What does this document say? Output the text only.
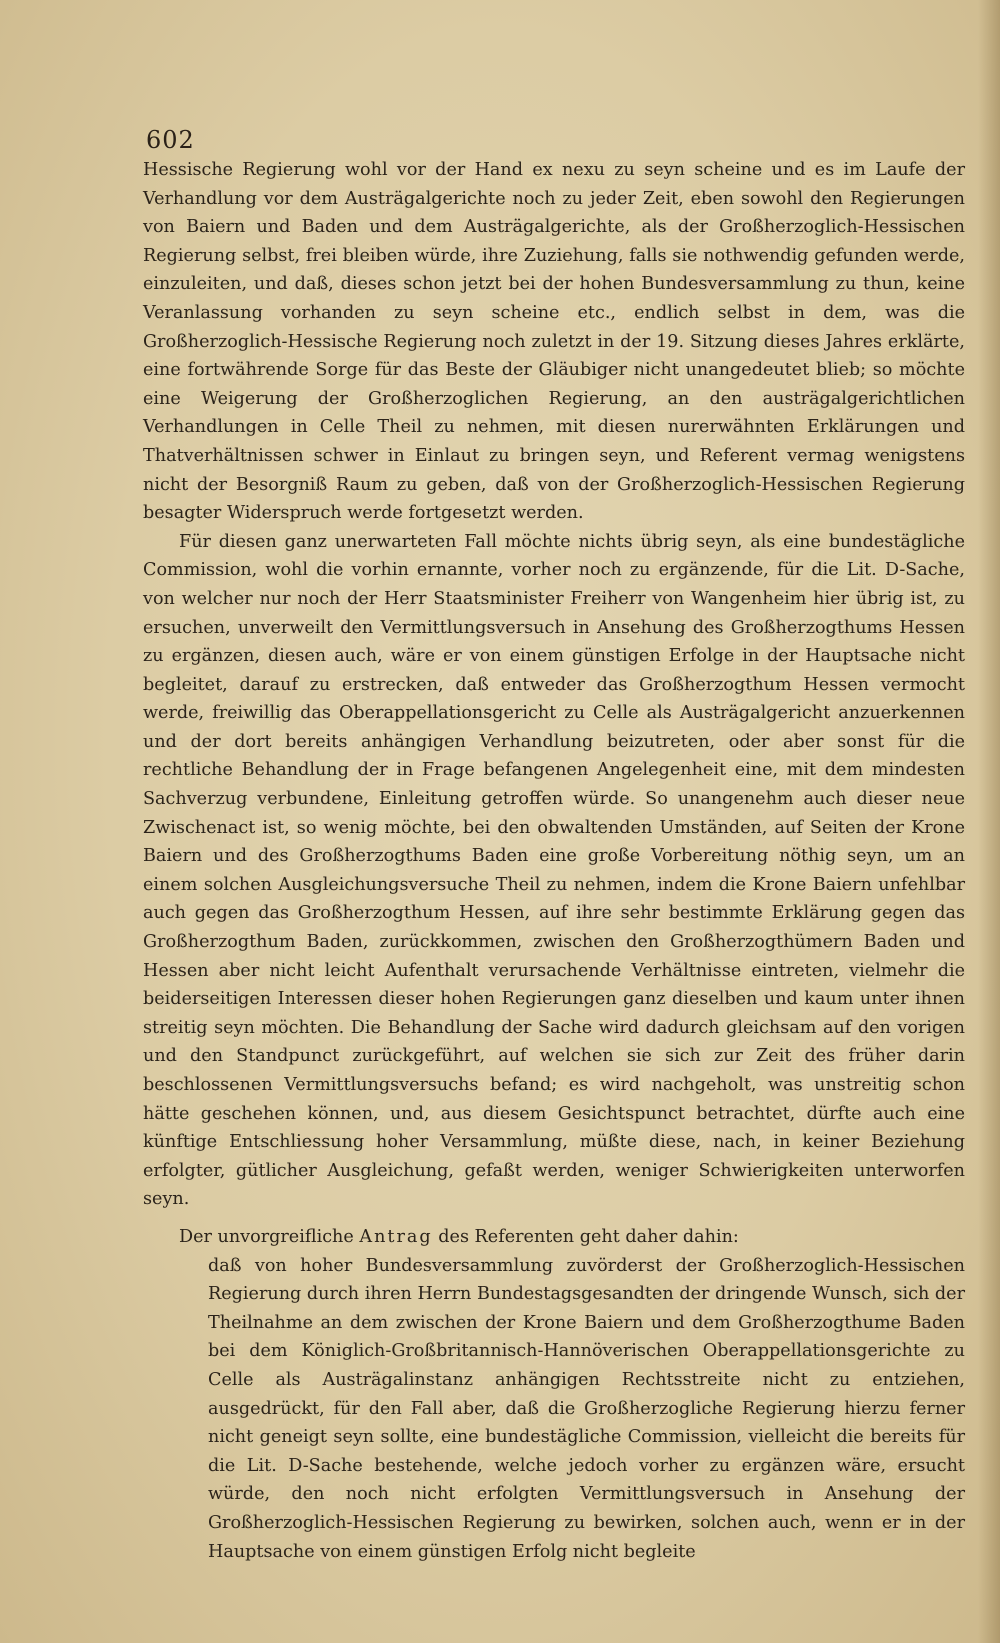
602

Hessische Regierung wohl vor der Hand ex nexu zu seyn scheine und es im Laufe der Verhandlung vor dem Austrägalgerichte noch zu jeder Zeit, eben sowohl den Regierungen von Baiern und Baden und dem Austrägalgerichte, als der Großherzoglich-Hessischen Regierung selbst, frei bleiben würde, ihre Zuziehung, falls sie nothwendig gefunden werde, einzuleiten, und daß, dieses schon jetzt bei der hohen Bundesversammlung zu thun, keine Veranlassung vorhanden zu seyn scheine etc., endlich selbst in dem, was die Großherzoglich-Hessische Regierung noch zuletzt in der 19. Sitzung dieses Jahres erklärte, eine fortwährende Sorge für das Beste der Gläubiger nicht unangedeutet blieb; so möchte eine Weigerung der Großherzoglichen Regierung, an den austrägalgerichtlichen Verhandlungen in Celle Theil zu nehmen, mit diesen nurerwähnten Erklärungen und Thatverhältnissen schwer in Einlaut zu bringen seyn, und Referent vermag wenigstens nicht der Besorgniß Raum zu geben, daß von der Großherzoglich-Hessischen Regierung besagter Widerspruch werde fortgesetzt werden.

Für diesen ganz unerwarteten Fall möchte nichts übrig seyn, als eine bundestägliche Commission, wohl die vorhin ernannte, vorher noch zu ergänzende, für die Lit. D-Sache, von welcher nur noch der Herr Staatsminister Freiherr von Wangenheim hier übrig ist, zu ersuchen, unverweilt den Vermittlungsversuch in Ansehung des Großherzogthums Hessen zu ergänzen, diesen auch, wäre er von einem günstigen Erfolge in der Hauptsache nicht begleitet, darauf zu erstrecken, daß entweder das Großherzogthum Hessen vermocht werde, freiwillig das Oberappellationsgericht zu Celle als Austrägalgericht anzuerkennen und der dort bereits anhängigen Verhandlung beizutreten, oder aber sonst für die rechtliche Behandlung der in Frage befangenen Angelegenheit eine, mit dem mindesten Sachverzug verbundene, Einleitung getroffen würde. So unangenehm auch dieser neue Zwischenact ist, so wenig möchte, bei den obwaltenden Umständen, auf Seiten der Krone Baiern und des Großherzogthums Baden eine große Vorbereitung nöthig seyn, um an einem solchen Ausgleichungsversuche Theil zu nehmen, indem die Krone Baiern unfehlbar auch gegen das Großherzogthum Hessen, auf ihre sehr bestimmte Erklärung gegen das Großherzogthum Baden, zurückkommen, zwischen den Großherzogthümern Baden und Hessen aber nicht leicht Aufenthalt verursachende Verhältnisse eintreten, vielmehr die beiderseitigen Interessen dieser hohen Regierungen ganz dieselben und kaum unter ihnen streitig seyn möchten. Die Behandlung der Sache wird dadurch gleichsam auf den vorigen und den Standpunct zurückgeführt, auf welchen sie sich zur Zeit des früher darin beschlossenen Vermittlungsversuchs befand; es wird nachgeholt, was unstreitig schon hätte geschehen können, und, aus diesem Gesichtspunct betrachtet, dürfte auch eine künftige Entschliessung hoher Versammlung, müßte diese, nach, in keiner Beziehung erfolgter, gütlicher Ausgleichung, gefaßt werden, weniger Schwierigkeiten unterworfen seyn.

Der unvorgreifliche Antrag des Referenten geht daher dahin:

daß von hoher Bundesversammlung zuvörderst der Großherzoglich-Hessischen Regierung durch ihren Herrn Bundestagsgesandten der dringende Wunsch, sich der Theilnahme an dem zwischen der Krone Baiern und dem Großherzogthume Baden bei dem Königlich-Großbritannisch-Hannöverischen Oberappellationsgerichte zu Celle als Austrägalinstanz anhängigen Rechtsstreite nicht zu entziehen, ausgedrückt, für den Fall aber, daß die Großherzogliche Regierung hierzu ferner nicht geneigt seyn sollte, eine bundestägliche Commission, vielleicht die bereits für die Lit. D-Sache bestehende, welche jedoch vorher zu ergänzen wäre, ersucht würde, den noch nicht erfolgten Vermittlungsversuch in Ansehung der Großherzoglich-Hessischen Regierung zu bewirken, solchen auch, wenn er in der Hauptsache von einem günstigen Erfolg nicht begleite
